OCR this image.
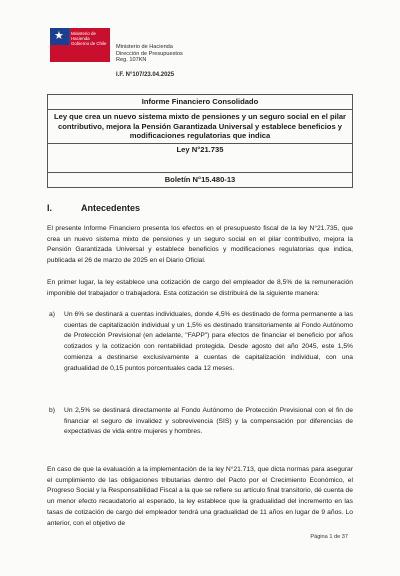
★ Ministerio de
Hacienda
Gobierno de Chile
Ministerio de Hacienda
Dirección de Presupuestos
Reg. 107KN
I.F. N°107/23.04.2025
Informe Financiero Consolidado
Ley que crea un nuevo sistema mixto de pensiones y un seguro social en el pilar contributivo, mejora la Pensión Garantizada Universal y establece beneficios y modificaciones regulatorias que indica
Ley N°21.735
Boletín N°15.480-13
I.	Antecedentes

El presente Informe Financiero presenta los efectos en el presupuesto fiscal de la ley N°21.735, que crea un nuevo sistema mixto de pensiones y un seguro social en el pilar contributivo, mejora la Pensión Garantizada Universal y establece beneficios y modificaciones regulatorias que indica, publicada el 26 de marzo de 2025 en el Diario Oficial.

En primer lugar, la ley establece una cotización de cargo del empleador de 8,5% de la remuneración imponible del trabajador o trabajadora. Esta cotización se distribuirá de la siguiente manera:

a) Un 6% se destinará a cuentas individuales, donde 4,5% es destinado de forma permanente a las cuentas de capitalización individual y un 1,5% es destinado transitoriamente al Fondo Autónomo de Protección Previsional (en adelante, "FAPP") para efectos de financiar el beneficio por años cotizados y la cotización con rentabilidad protegida. Desde agosto del año 2045, este 1,5% comienza a destinarse exclusivamente a cuentas de capitalización individual, con una gradualidad de 0,15 puntos porcentuales cada 12 meses.
b) Un 2,5% se destinará directamente al Fondo Autónomo de Protección Previsional con el fin de financiar el seguro de invalidez y sobrevivencia (SIS) y la compensación por diferencias de expectativas de vida entre mujeres y hombres.

En caso de que la evaluación a la implementación de la ley N°21.713, que dicta normas para asegurar el cumplimiento de las obligaciones tributarias dentro del Pacto por el Crecimiento Económico, el Progreso Social y la Responsabilidad Fiscal a la que se refiere su artículo final transitorio, dé cuenta de un menor efecto recaudatorio al esperado, la ley establece que la gradualidad del incremento en las tasas de cotización de cargo del empleador tendrá una gradualidad de 11 años en lugar de 9 años. Lo anterior, con el objetivo de

Página 1 de 37
